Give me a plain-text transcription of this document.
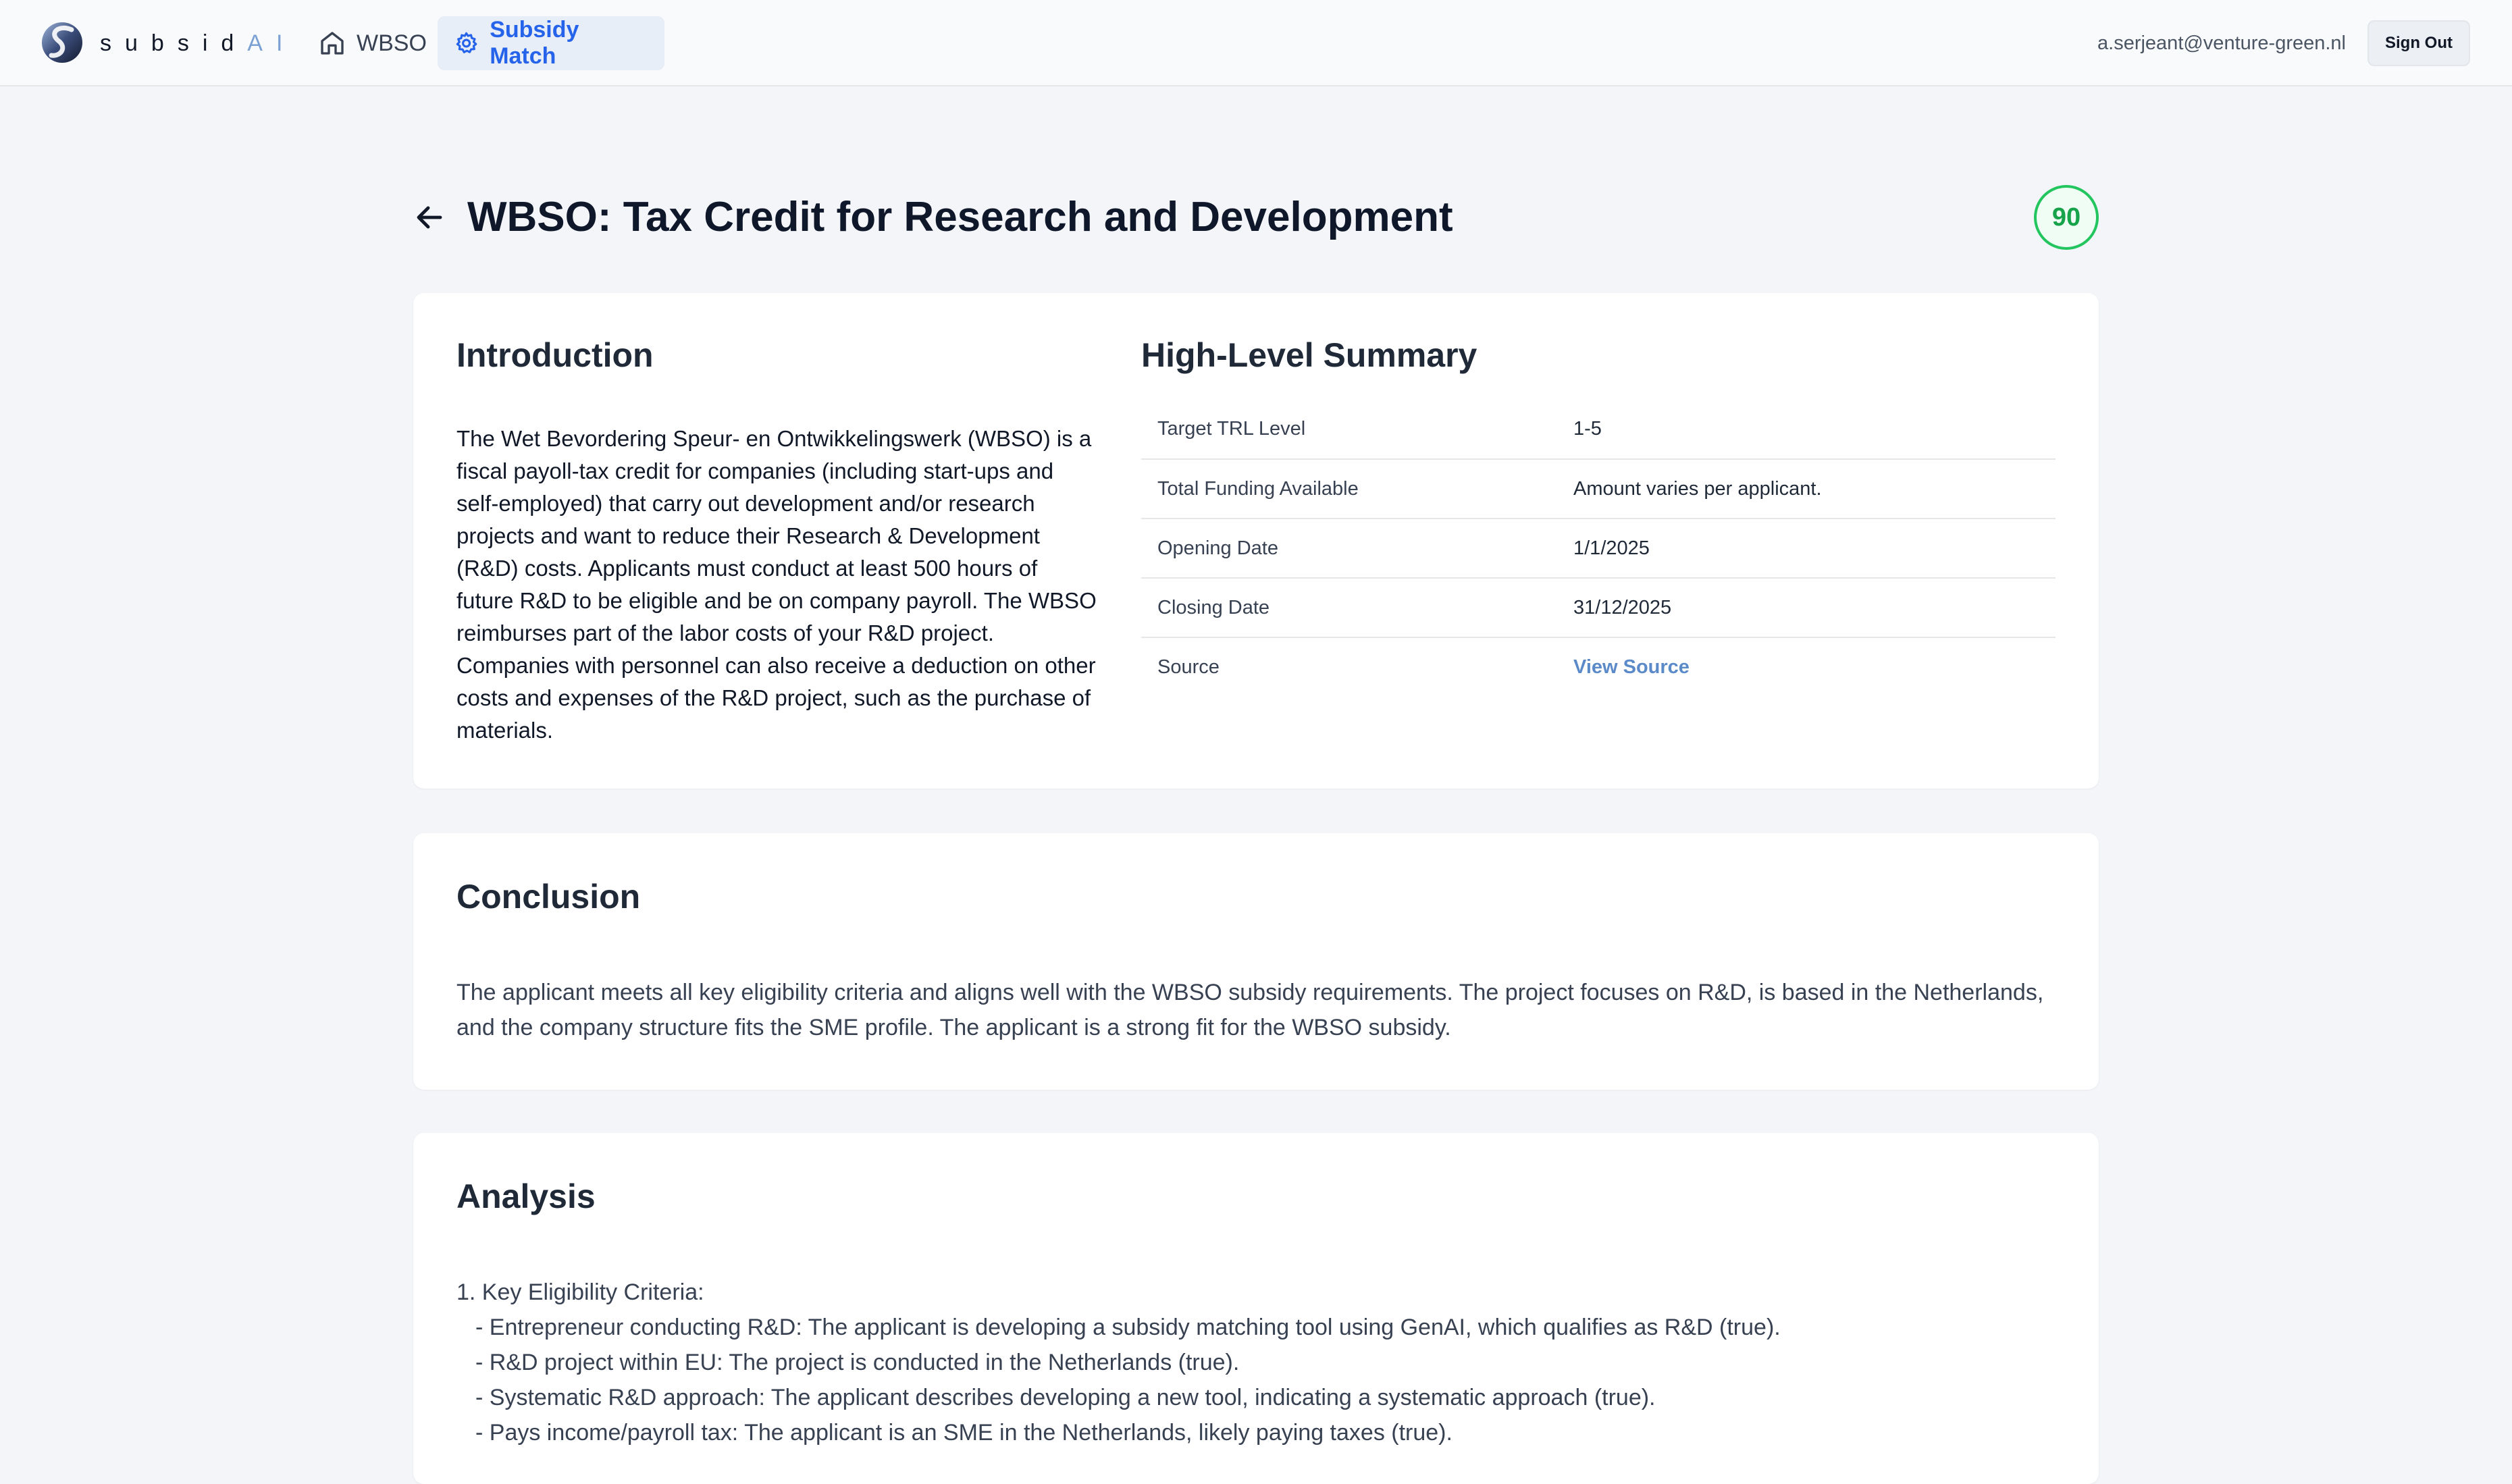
subsidAI	WBSO
Subsidy Match	a.serjeant@venture-green.nl	Sign Out
WBSO: Tax Credit for Research and Development	90
Introduction

The Wet Bevordering Speur- en Ontwikkelingswerk (WBSO) is a fiscal payoll-tax credit for companies (including start-ups and self-employed) that carry out development and/or research projects and want to reduce their Research & Development (R&D) costs. Applicants must conduct at least 500 hours of future R&D to be eligible and be on company payroll. The WBSO reimburses part of the labor costs of your R&D project. Companies with personnel can also receive a deduction on other costs and expenses of the R&D project, such as the purchase of materials.

High-Level Summary
Target TRL Level	1-5
Total Funding Available	Amount varies per applicant.
Opening Date	1/1/2025
Closing Date	31/12/2025
Source	View Source
Conclusion

The applicant meets all key eligibility criteria and aligns well with the WBSO subsidy requirements. The project focuses on R&D, is based in the Netherlands, and the company structure fits the SME profile. The applicant is a strong fit for the WBSO subsidy.

Analysis
1. Key Eligibility Criteria:
- Entrepreneur conducting R&D: The applicant is developing a subsidy matching tool using GenAI, which qualifies as R&D (true).
- R&D project within EU: The project is conducted in the Netherlands (true).
- Systematic R&D approach: The applicant describes developing a new tool, indicating a systematic approach (true).
- Pays income/payroll tax: The applicant is an SME in the Netherlands, likely paying taxes (true).
